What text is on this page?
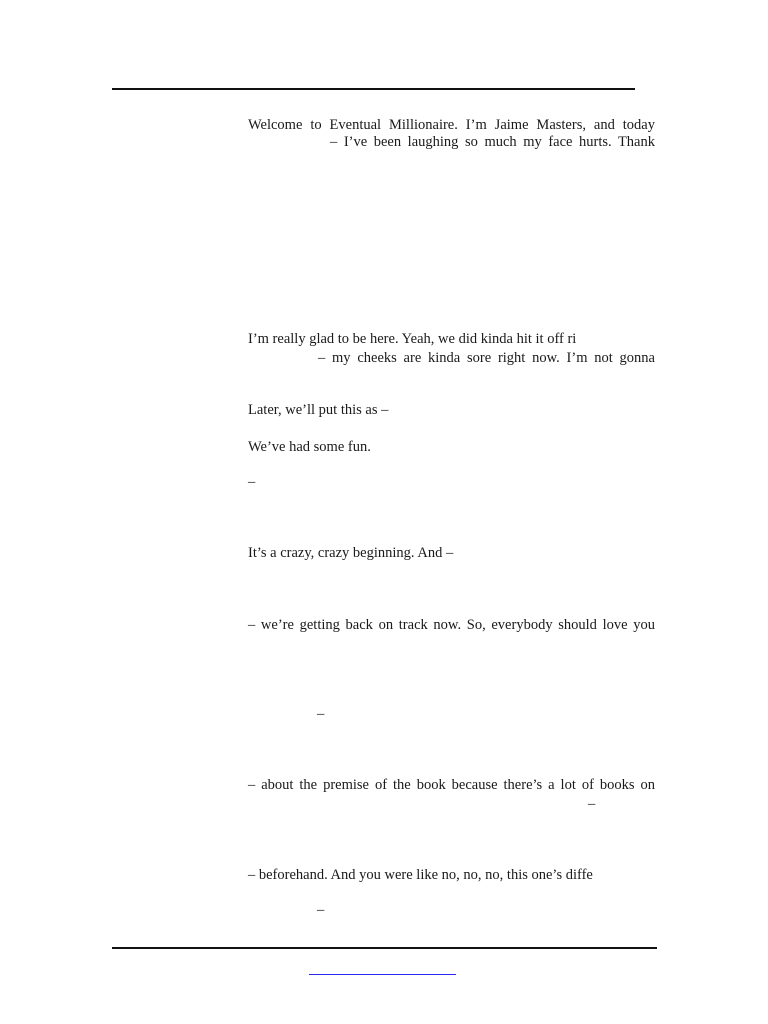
Welcome to Eventual Millionaire. I’m Jaime Masters, and today
– I’ve been laughing so much my face hurts. Thank
I’m really glad to be here. Yeah, we did kinda hit it off ri
– my cheeks are kinda sore right now. I’m not gonna
Later, we’ll put this as –
We’ve had some fun.
–
It’s a crazy, crazy beginning. And –
– we’re getting back on track now. So, everybody should love you
–
– about the premise of the book because there’s a lot of books on
–
– beforehand. And you were like no, no, no, this one’s diffe
–
